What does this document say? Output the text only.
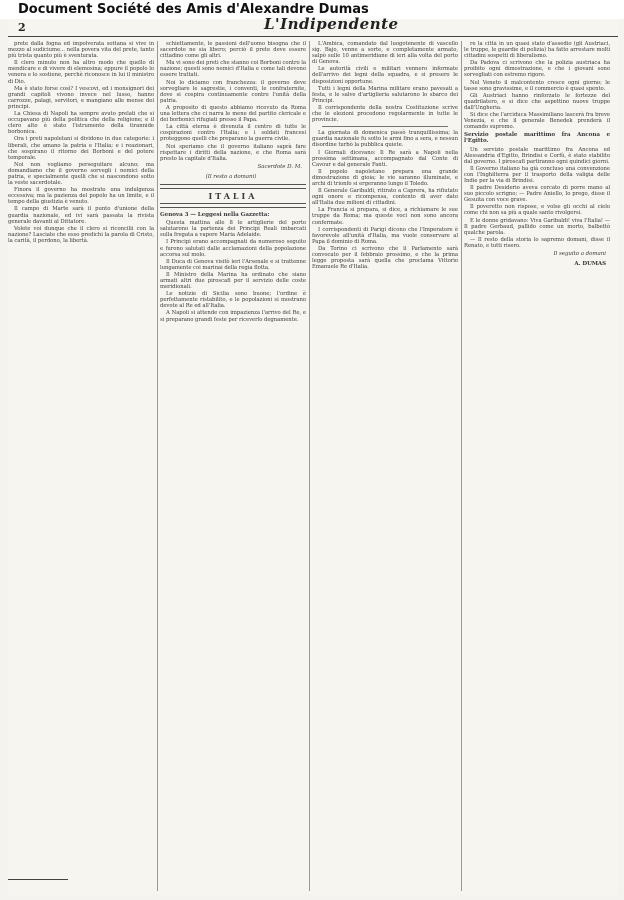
Document Société des Amis d'Alexandre Dumas
2	L'Indipendente

prete dalla fogna ed impolverata sottana si vive in mezzo al sudiciume... nella povera vita del prete, tanto più trista quanto più è sventurata.

Il clero minuto non ha altro modo che quello di mendicare e di vivere di elemosina; eppure il popolo lo venera e lo sostiene, perchè riconosce in lui il ministro di Dio.

Ma è stato forse così? I vescovi, ed i monsignori dei grandi capitoli vivono invece nel lusso, hanno carrozze, palagi, servitori, e mangiano alle mense dei principi.

La Chiesa di Napoli ha sempre avuto prelati che si occupavano più della politica che della religione; e il clero alto è stato l'istrumento della tirannide borbonica.

Ora i preti napoletani si dividono in due categorie: i liberali, che amano la patria e l'Italia; e i reazionari, che sospirano il ritorno dei Borboni e del potere temporale.

Noi non vogliamo perseguitare alcuno; ma domandiamo che il governo sorvegli i nemici della patria, e specialmente quelli che si nascondono sotto la veste sacerdotale.

Finora il governo ha mostrato una indulgenza eccessiva; ma la pazienza del popolo ha un limite, e il tempo della giustizia è venuto.

Il campo di Marte sarà il punto d'unione della guardia nazionale, ed ivi sarà passata la rivista generale davanti al Dittatore.

Volete voi dunque che il clero si riconcilii con la nazione? Lasciate che esso predichi la parola di Cristo, la carità, il perdono, la libertà.

schiettamente, le passioni dell'uomo bisogna che il sacerdote ne sia libero; perciò il prete deve essere cittadino come gli altri.

Ma vi sono dei preti che stanno coi Borboni contro la nazione; questi sono nemici d'Italia e come tali devono essere trattati.

Noi lo diciamo con franchezza: il governo deve sorvegliare le sagrestie, i conventi, le confraternite, dove si cospira continuamente contro l'unità della patria.

A proposito di questo abbiamo ricevuto da Roma una lettera che ci narra le mene del partito clericale e dei borbonici rifugiati presso il Papa.

La città eterna è divenuta il centro di tutte le cospirazioni contro l'Italia; e i soldati francesi proteggono quelli che preparano la guerra civile.

Noi speriamo che il governo italiano saprà fare rispettare i diritti della nazione, e che Roma sarà presto la capitale d'Italia.

Sacerdote D. M.
(Il resto a domani)
ITALIA
Genova 3 — Leggesi nella Gazzetta:

Questa mattina alle 8 le artiglierie del porto salutarono la partenza dei Principi Reali imbarcati sulla fregata a vapore Maria Adelaide.

I Principi erano accompagnati da numeroso seguito e furono salutati dalle acclamazioni della popolazione accorsa sul molo.

Il Duca di Genova visitò ieri l'Arsenale e si trattenne lungamente coi marinai della regia flotta.

Il Ministro della Marina ha ordinato che siano armati altri due piroscafi per il servizio delle coste meridionali.

Le notizie di Sicilia sono buone; l'ordine è perfettamente ristabilito, e le popolazioni si mostrano devote al Re ed all'Italia.

A Napoli si attende con impazienza l'arrivo del Re, e si preparano grandi feste per riceverlo degnamente.

L'Ambica, comandato dal luogotenente di vascello sig. Bajo, venne a sorte, e completamente armato, salpò sulle 10 antimeridiane di ieri alla volta del porto di Genova.

Le autorità civili e militari vennero informate dell'arrivo dei legni della squadra, e si presero le disposizioni opportune.

Tutti i legni della Marina militare erano pavesati a festa, e le salve d'artiglieria salutarono lo sbarco dei Principi.

Il corrispondente della nostra Costituzione scrive che le elezioni procedono regolarmente in tutte le provincie.

La giornata di domenica passò tranquillissima; la guardia nazionale fu sotto le armi fino a sera, e nessun disordine turbò la pubblica quiete.

I Giornali dicevano: Il Re sarà a Napoli nella prossima settimana, accompagnato dal Conte di Cavour e dal generale Fanti.

Il popolo napoletano prepara una grande dimostrazione di gioia; le vie saranno illuminate, e archi di trionfo si ergeranno lungo il Toledo.

Il Generale Garibaldi, ritirato a Caprera, ha rifiutato ogni onore e ricompensa, contento di aver dato all'Italia due milioni di cittadini.

La Francia si prepara, si dice, a richiamare le sue truppe da Roma; ma queste voci non sono ancora confermate.

I corrispondenti di Parigi dicono che l'Imperatore è favorevole all'unità d'Italia, ma vuole conservare al Papa il dominio di Roma.

Da Torino ci scrivono che il Parlamento sarà convocato per il febbraio prossimo, e che la prima legge proposta sarà quella che proclama Vittorio Emanuele Re d'Italia.

re la città in un quasi stato d'assedio (gli Austriaci, le truppe, le guardie di polizia) ha fatto arrestare molti cittadini sospetti di liberalismo.

Da Padova ci scrivono che la polizia austriaca ha proibito ogni dimostrazione, e che i giovani sono sorvegliati con estremo rigore.

Nel Veneto il malcontento cresce ogni giorno; le tasse sono gravissime, e il commercio è quasi spento.

Gli Austriaci hanno rinforzato le fortezze del quadrilatero, e si dice che aspettino nuove truppe dall'Ungheria.

Si dice che l'arciduca Massimiliano lascerà fra breve Venezia, e che il generale Benedek prenderà il comando supremo.

Servizio postale marittimo fra Ancona e l'Egitto.

Un servizio postale marittimo fra Ancona ed Alessandria d'Egitto, Brindisi e Corfù, è stato stabilito dal governo. I piroscafi partiranno ogni quindici giorni.

Il Governo italiano ha già concluso una convenzione con l'Inghilterra per il trasporto della valigia delle Indie per la via di Brindisi.

Il padre Desiderio aveva cercato di porre mano al suo piccolo scrigno; — Padre Aniello, lo prego, disse il Gesuita con voce grave.

Il poveretto non rispose, e volse gli occhi al cielo come chi non sa più a quale santo rivolgersi.

E le donne gridavano: Viva Garibaldi! viva l'Italia! — Il padre Gerbaud, pallido come un morto, balbettò qualche parola.

— Il resto della storia lo sapremo domani, disse il Renato, e tutti risero.

Il seguito a domani
A. DUMAS
